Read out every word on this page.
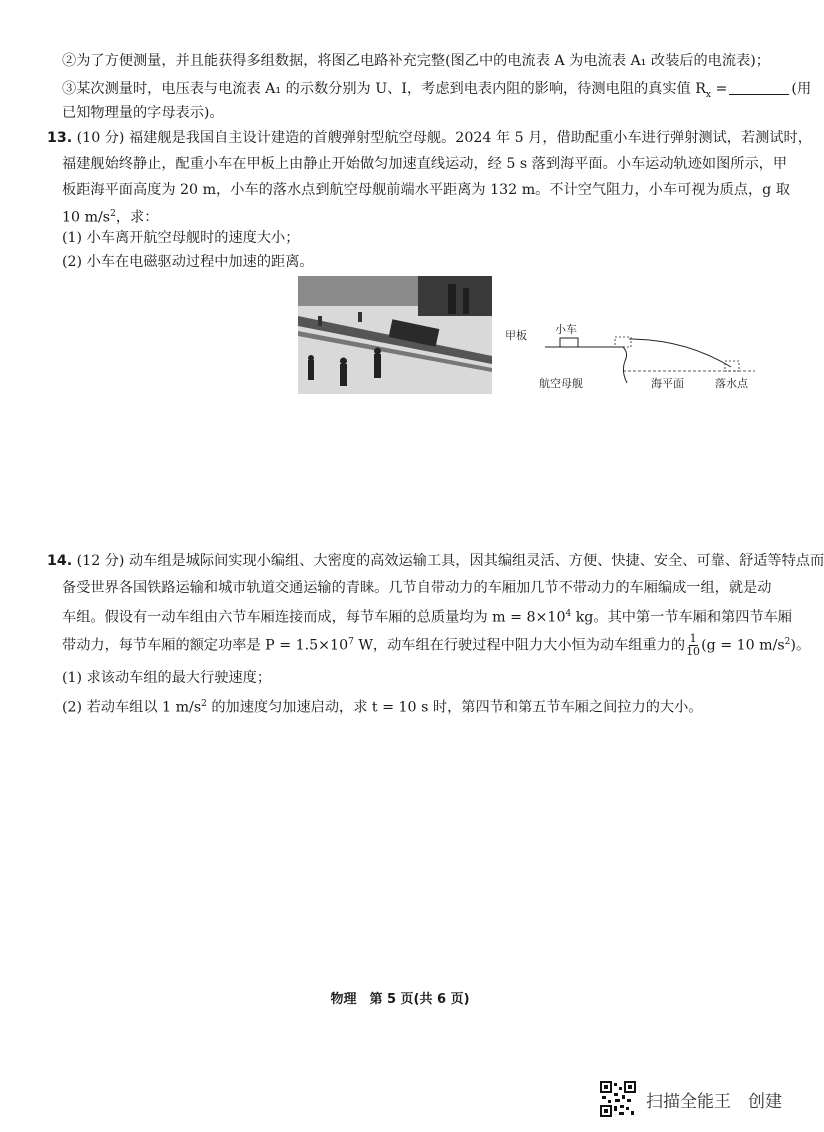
②为了方便测量，并且能获得多组数据，将图乙电路补充完整(图乙中的电流表 A 为电流表 A₁ 改装后的电流表)；
③某次测量时，电压表与电流表 A₁ 的示数分别为 U、I，考虑到电表内阻的影响，待测电阻的真实值 $R_x$ =	(用
已知物理量的字母表示)。
13. (10 分) 福建舰是我国自主设计建造的首艘弹射型航空母舰。2024 年 5 月，借助配重小车进行弹射测试，若测试时，
福建舰始终静止，配重小车在甲板上由静止开始做匀加速直线运动，经 5 s 落到海平面。小车运动轨迹如图所示，甲
板距海平面高度为 20 m，小车的落水点到航空母舰前端水平距离为 132 m。不计空气阻力，小车可视为质点，g 取
10 $m/s^2$，求：
(1) 小车离开航空母舰时的速度大小；
(2) 小车在电磁驱动过程中加速的距离。
甲板	小车
航空母舰	海平面	落水点
14. (12 分) 动车组是城际间实现小编组、大密度的高效运输工具，因其编组灵活、方便、快捷、安全、可靠、舒适等特点而
备受世界各国铁路运输和城市轨道交通运输的青睐。几节自带动力的车厢加几节不带动力的车厢编成一组，就是动
车组。假设有一动车组由六节车厢连接而成，每节车厢的总质量均为 $m = 8\times 10^4$ kg。其中第一节车厢和第四节车厢
带动力，每节车厢的额定功率是 $P = 1.5\times 10^7$ W，动车组在行驶过程中阻力大小恒为动车组重力的 $\frac{1}{10} (g = 10$ $m/s^2$)。
(1) 求该动车组的最大行驶速度；
(2) 若动车组以 1 $m/s^2$ 的加速度匀加速启动，求 t = 10 s 时，第四节和第五节车厢之间拉力的大小。
物理　第 5 页(共 6 页)
扫描全能王　创建
